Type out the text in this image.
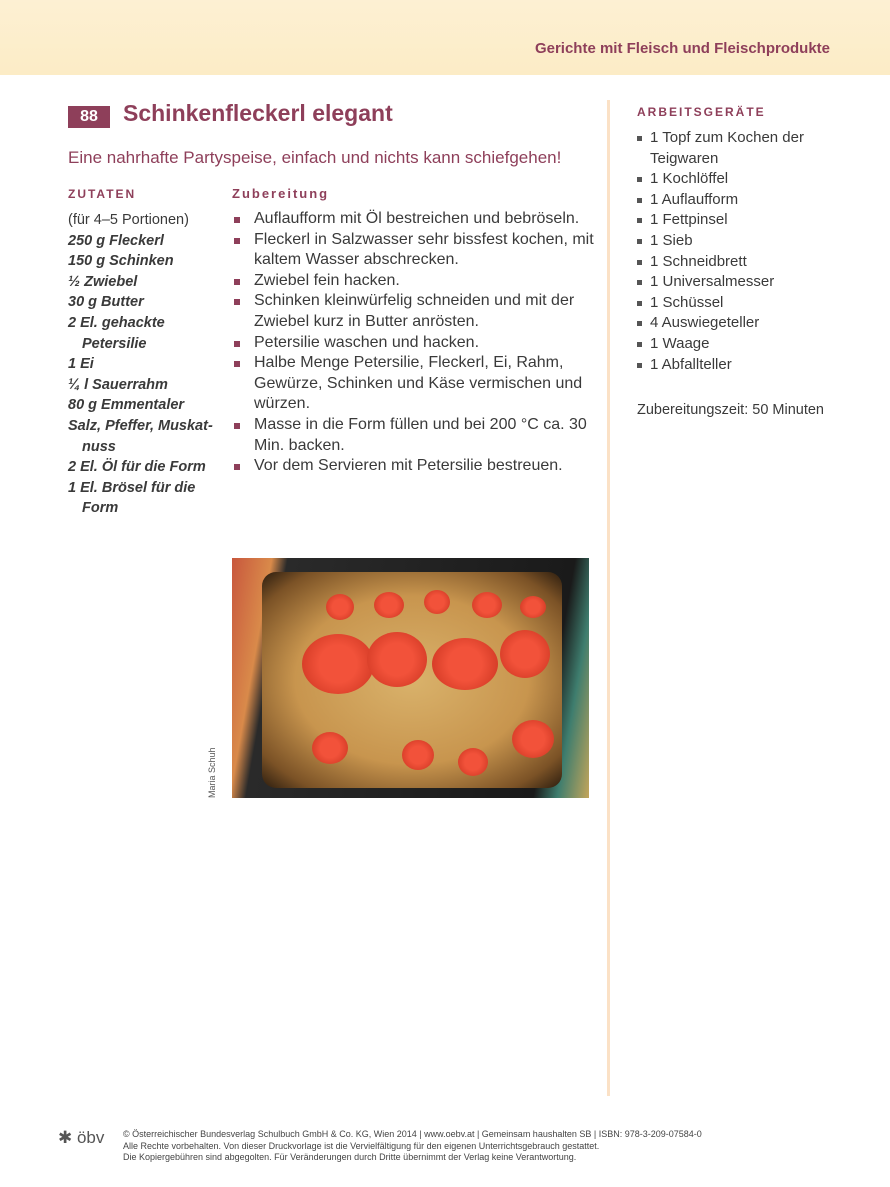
Gerichte mit Fleisch und Fleischprodukte
88	Schinkenfleckerl elegant
Eine nahrhafte Partyspeise, einfach und nichts kann schiefgehen!
ZUTATEN
(für 4–5 Portionen)
250 g Fleckerl
150 g Schinken
½ Zwiebel
30 g Butter
2 El. gehackte Petersilie
1 Ei
¼ l Sauerrahm
80 g Emmentaler
Salz, Pfeffer, Muskat-nuss
2 El. Öl für die Form
1 El. Brösel für die Form
Zubereitung
Auflaufform mit Öl bestreichen und bebröseln.
Fleckerl in Salzwasser sehr bissfest kochen, mit kaltem Wasser abschrecken.
Zwiebel fein hacken.
Schinken kleinwürfelig schneiden und mit der Zwiebel kurz in Butter anrösten.
Petersilie waschen und hacken.
Halbe Menge Petersilie, Fleckerl, Ei, Rahm, Gewürze, Schinken und Käse vermischen und würzen.
Masse in die Form füllen und bei 200 °C ca. 30 Min. backen.
Vor dem Servieren mit Petersilie bestreuen.
ARBEITSGERÄTE
1 Topf zum Kochen der Teigwaren
1 Kochlöffel
1 Auflaufform
1 Fettpinsel
1 Sieb
1 Schneidbrett
1 Universalmesser
1 Schüssel
4 Auswiegeteller
1 Waage
1 Abfallteller
Zubereitungszeit: 50 Minuten
Maria Schuh
✱ öbv © Österreichischer Bundesverlag Schulbuch GmbH & Co. KG, Wien 2014 | www.oebv.at | Gemeinsam haushalten SB | ISBN: 978-3-209-07584-0
Alle Rechte vorbehalten. Von dieser Druckvorlage ist die Vervielfältigung für den eigenen Unterrichtsgebrauch gestattet.
Die Kopiergebühren sind abgegolten. Für Veränderungen durch Dritte übernimmt der Verlag keine Verantwortung.
